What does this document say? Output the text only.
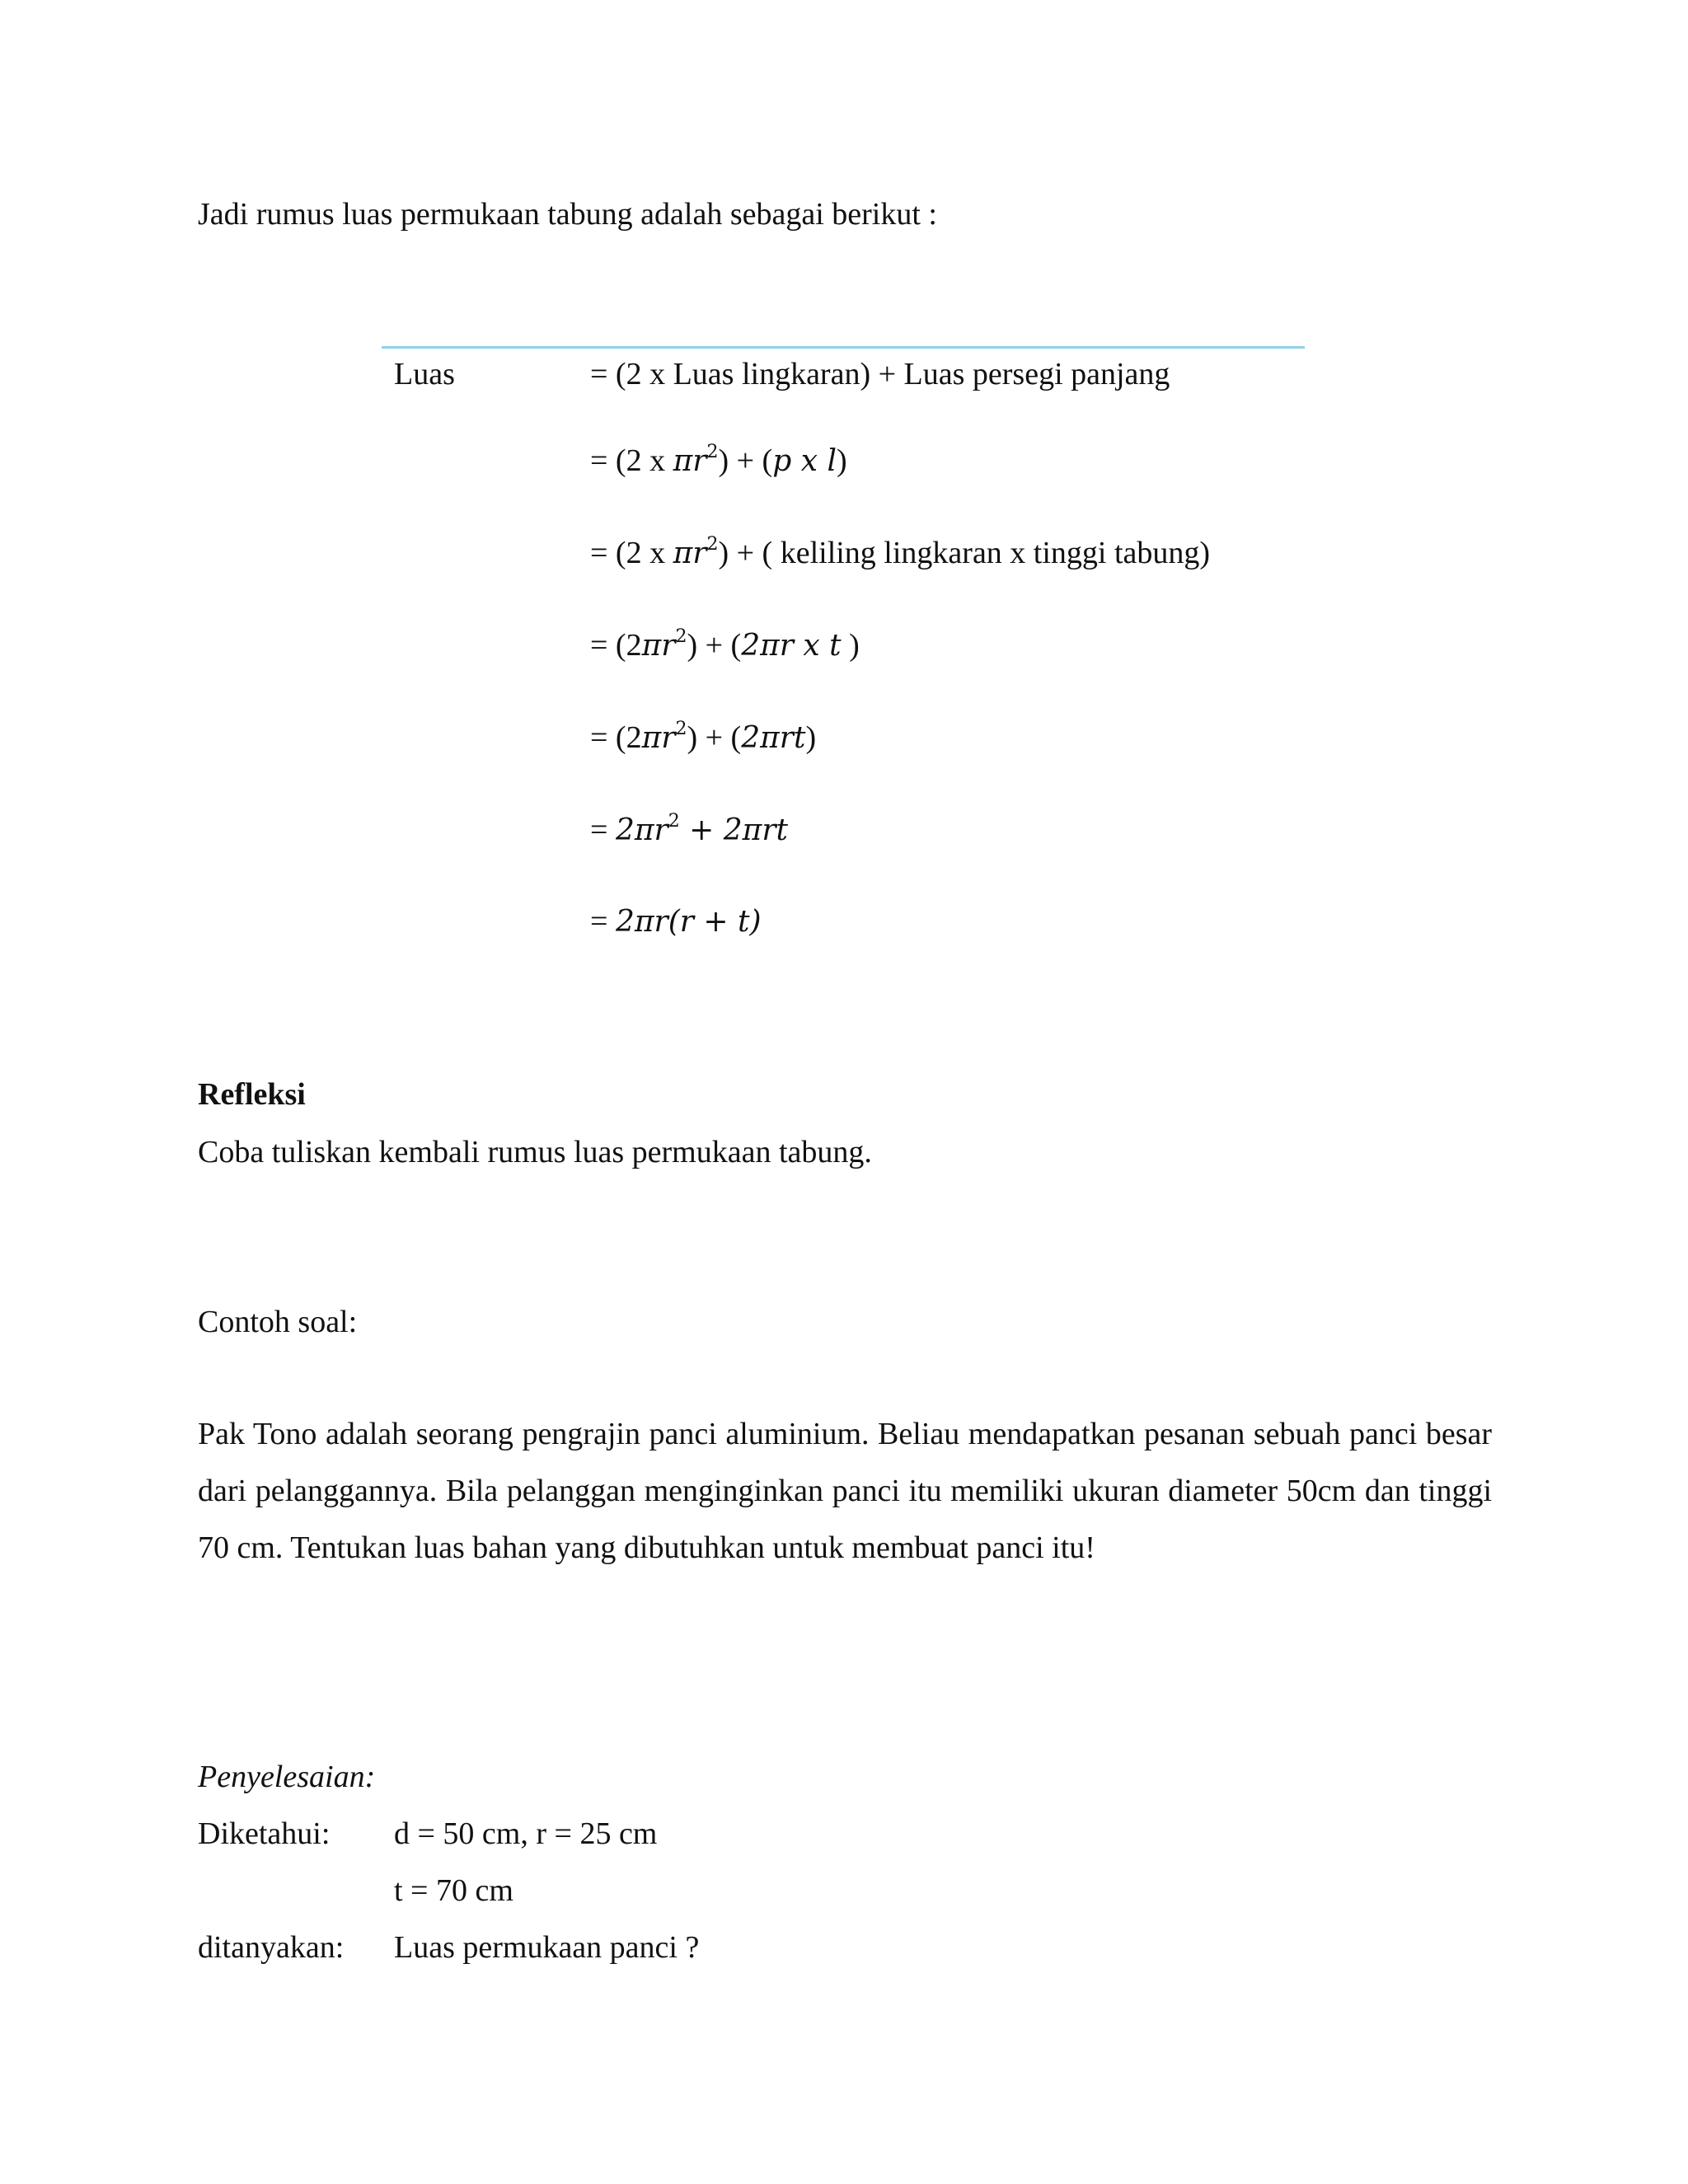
Jadi rumus luas permukaan tabung adalah sebagai berikut :
Luas	= (2 x Luas lingkaran) + Luas persegi panjang
= (2 x $\pi r^2) + (p$ x l)
= (2 x $\pi r^2$) + ( keliling lingkaran x tinggi tabung)
= $(2\pi r^2) + (2\pi r$ x t )
= $(2\pi r^2) + (2\pi rt)$
= $2\pi r^2 + 2\pi rt$
= 2πr(r + t)
Refleksi
Coba tuliskan kembali rumus luas permukaan tabung.
Contoh soal:
Pak Tono adalah seorang pengrajin panci aluminium. Beliau mendapatkan pesanan sebuah panci besar dari pelanggannya. Bila pelanggan menginginkan panci itu memiliki ukuran diameter 50cm dan tinggi 70 cm. Tentukan luas bahan yang dibutuhkan untuk membuat panci itu!
Penyelesaian:
Diketahui: d = 50 cm, r = 25 cm
t = 70 cm
ditanyakan: Luas permukaan panci ?
